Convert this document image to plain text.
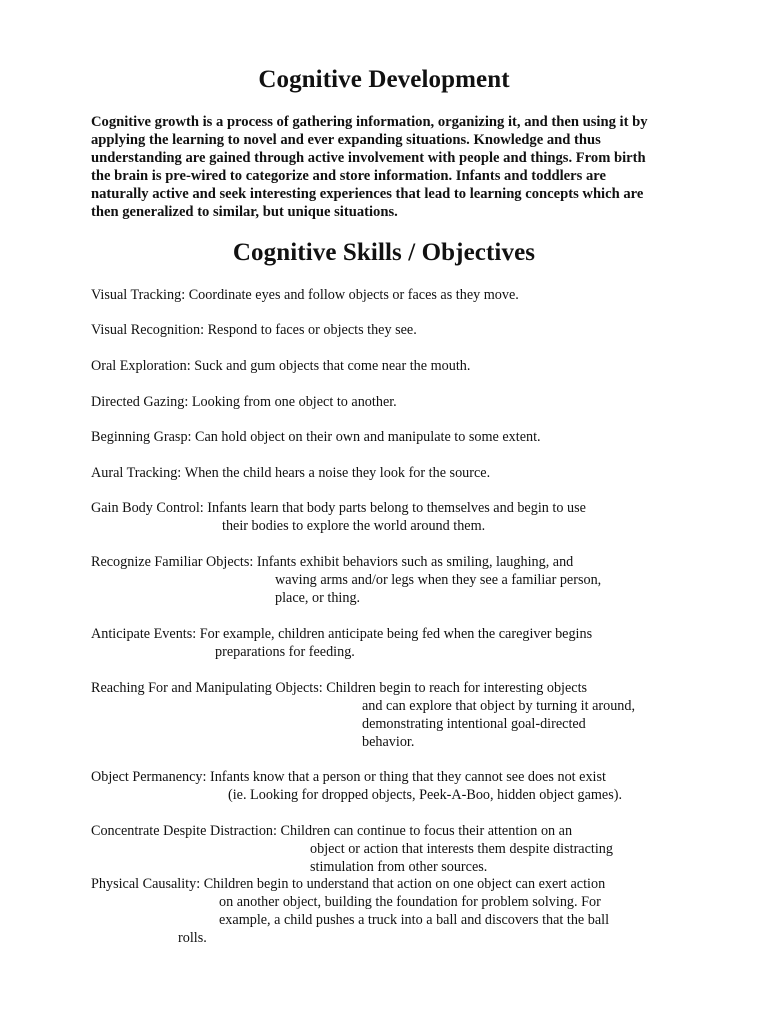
Cognitive Development
Cognitive growth is a process of gathering information, organizing it, and then using it by
applying the learning to novel and ever expanding situations. Knowledge and thus
understanding are gained through active involvement with people and things. From birth
the brain is pre-wired to categorize and store information. Infants and toddlers are
naturally active and seek interesting experiences that lead to learning concepts which are
then generalized to similar, but unique situations.
Cognitive Skills / Objectives
Visual Tracking: Coordinate eyes and follow objects or faces as they move.
Visual Recognition: Respond to faces or objects they see.
Oral Exploration: Suck and gum objects that come near the mouth.
Directed Gazing: Looking from one object to another.
Beginning Grasp: Can hold object on their own and manipulate to some extent.
Aural Tracking: When the child hears a noise they look for the source.
Gain Body Control: Infants learn that body parts belong to themselves and begin to use
their bodies to explore the world around them.
Recognize Familiar Objects: Infants exhibit behaviors such as smiling, laughing, and
waving arms and/or legs when they see a familiar person,
place, or thing.
Anticipate Events: For example, children anticipate being fed when the caregiver begins
preparations for feeding.
Reaching For and Manipulating Objects: Children begin to reach for interesting objects
and can explore that object by turning it around,
demonstrating intentional goal-directed
behavior.
Object Permanency: Infants know that a person or thing that they cannot see does not exist
(ie. Looking for dropped objects, Peek-A-Boo, hidden object games).
Concentrate Despite Distraction: Children can continue to focus their attention on an
object or action that interests them despite distracting
stimulation from other sources.
Physical Causality: Children begin to understand that action on one object can exert action
on another object, building the foundation for problem solving. For
example, a child pushes a truck into a ball and discovers that the ball
rolls.
